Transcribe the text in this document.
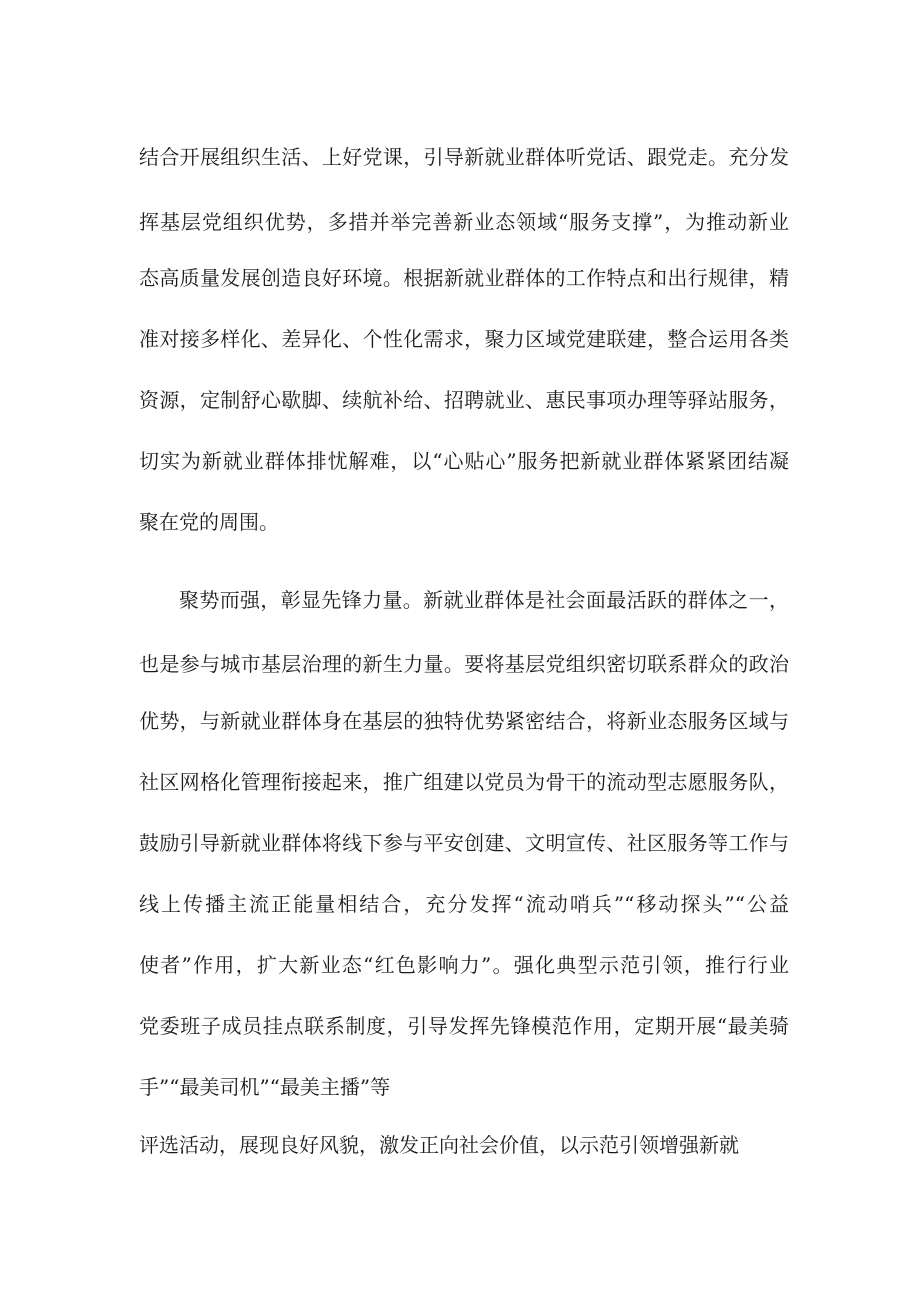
结合开展组织生活、上好党课，引导新就业群体听党话、跟党走。充分发
挥基层党组织优势，多措并举完善新业态领域“服务支撑”，为推动新业
态高质量发展创造良好环境。根据新就业群体的工作特点和出行规律，精
准对接多样化、差异化、个性化需求，聚力区域党建联建，整合运用各类
资源，定制舒心歇脚、续航补给、招聘就业、惠民事项办理等驿站服务，
切实为新就业群体排忧解难，以“心贴心”服务把新就业群体紧紧团结凝
聚在党的周围。
聚势而强，彰显先锋力量。新就业群体是社会面最活跃的群体之一，
也是参与城市基层治理的新生力量。要将基层党组织密切联系群众的政治
优势，与新就业群体身在基层的独特优势紧密结合，将新业态服务区域与
社区网格化管理衔接起来，推广组建以党员为骨干的流动型志愿服务队，
鼓励引导新就业群体将线下参与平安创建、文明宣传、社区服务等工作与
线上传播主流正能量相结合，充分发挥“流动哨兵”“移动探头”“公益
使者”作用，扩大新业态“红色影响力”。强化典型示范引领，推行行业
党委班子成员挂点联系制度，引导发挥先锋模范作用，定期开展“最美骑
手”“最美司机”“最美主播”等
评选活动，展现良好风貌，激发正向社会价值，以示范引领增强新就
